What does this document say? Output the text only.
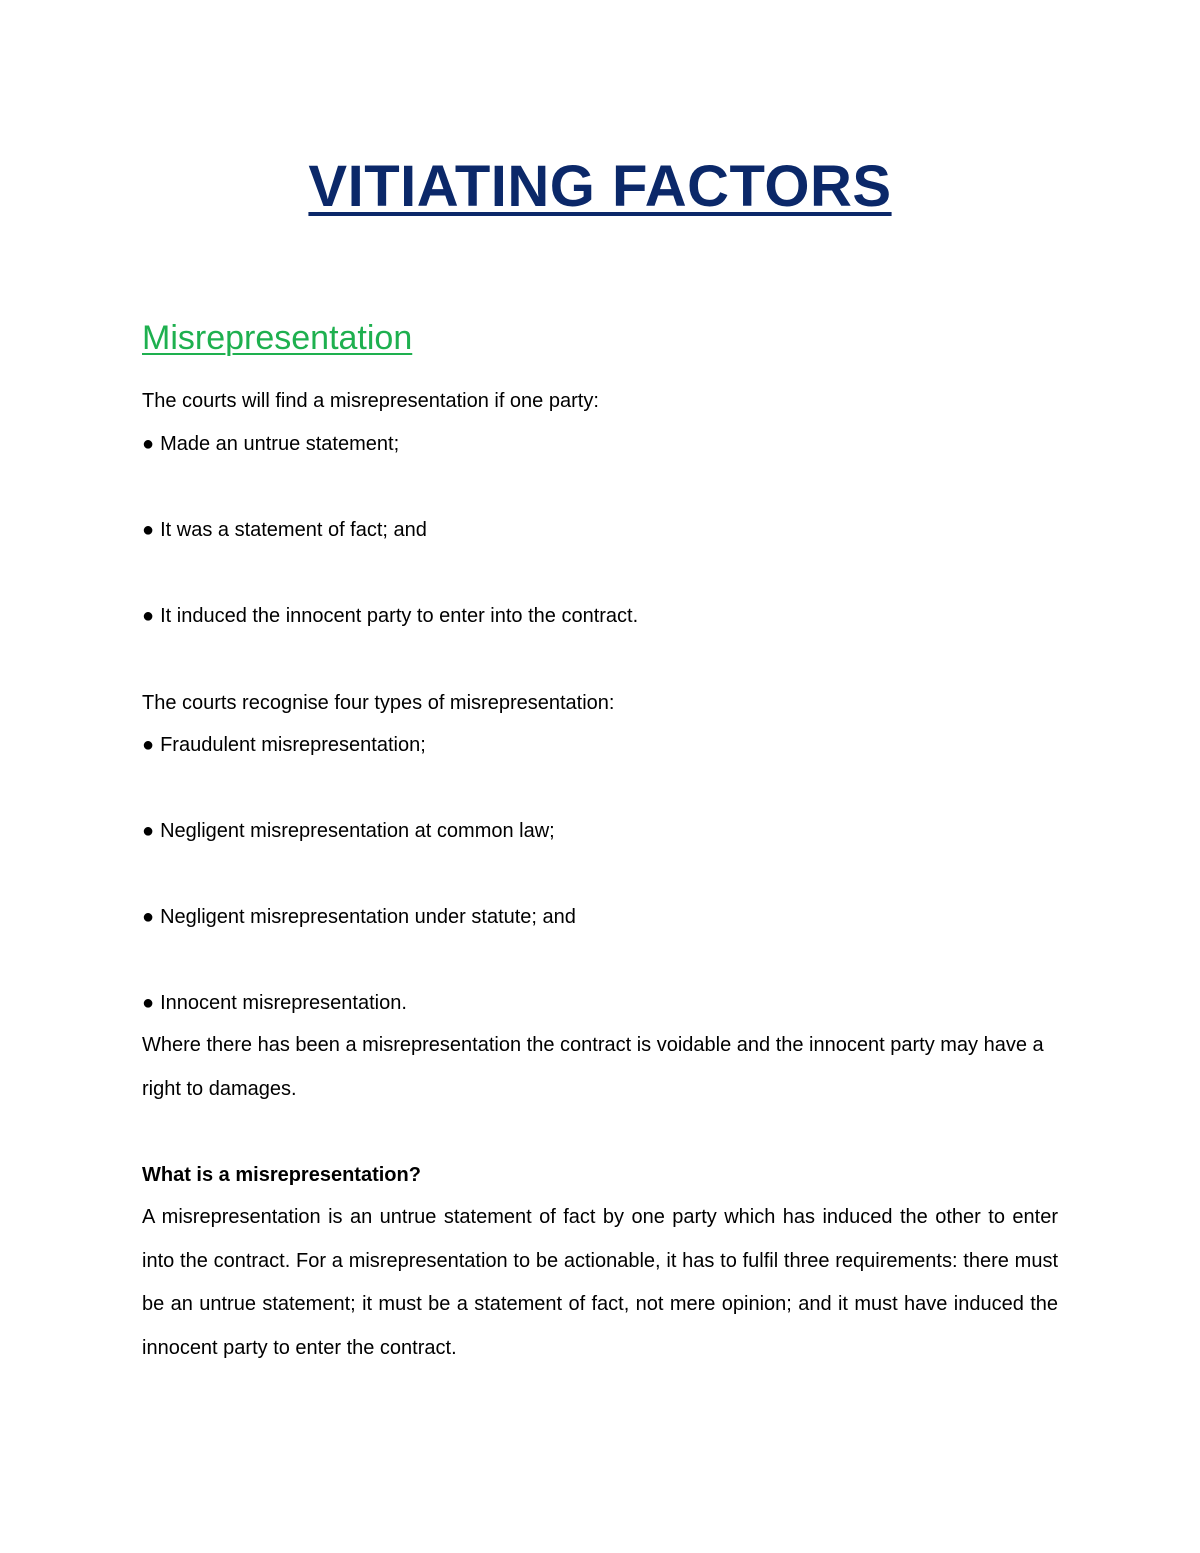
VITIATING FACTORS
Misrepresentation
The courts will find a misrepresentation if one party:
● Made an untrue statement;
● It was a statement of fact; and
● It induced the innocent party to enter into the contract.
The courts recognise four types of misrepresentation:
● Fraudulent misrepresentation;
● Negligent misrepresentation at common law;
● Negligent misrepresentation under statute; and
● Innocent misrepresentation.
Where there has been a misrepresentation the contract is voidable and the innocent party may have a right to damages.
What is a misrepresentation?
A misrepresentation is an untrue statement of fact by one party which has induced the other to enter into the contract. For a misrepresentation to be actionable, it has to fulfil three requirements: there must be an untrue statement; it must be a statement of fact, not mere opinion; and it must have induced the innocent party to enter the contract.
